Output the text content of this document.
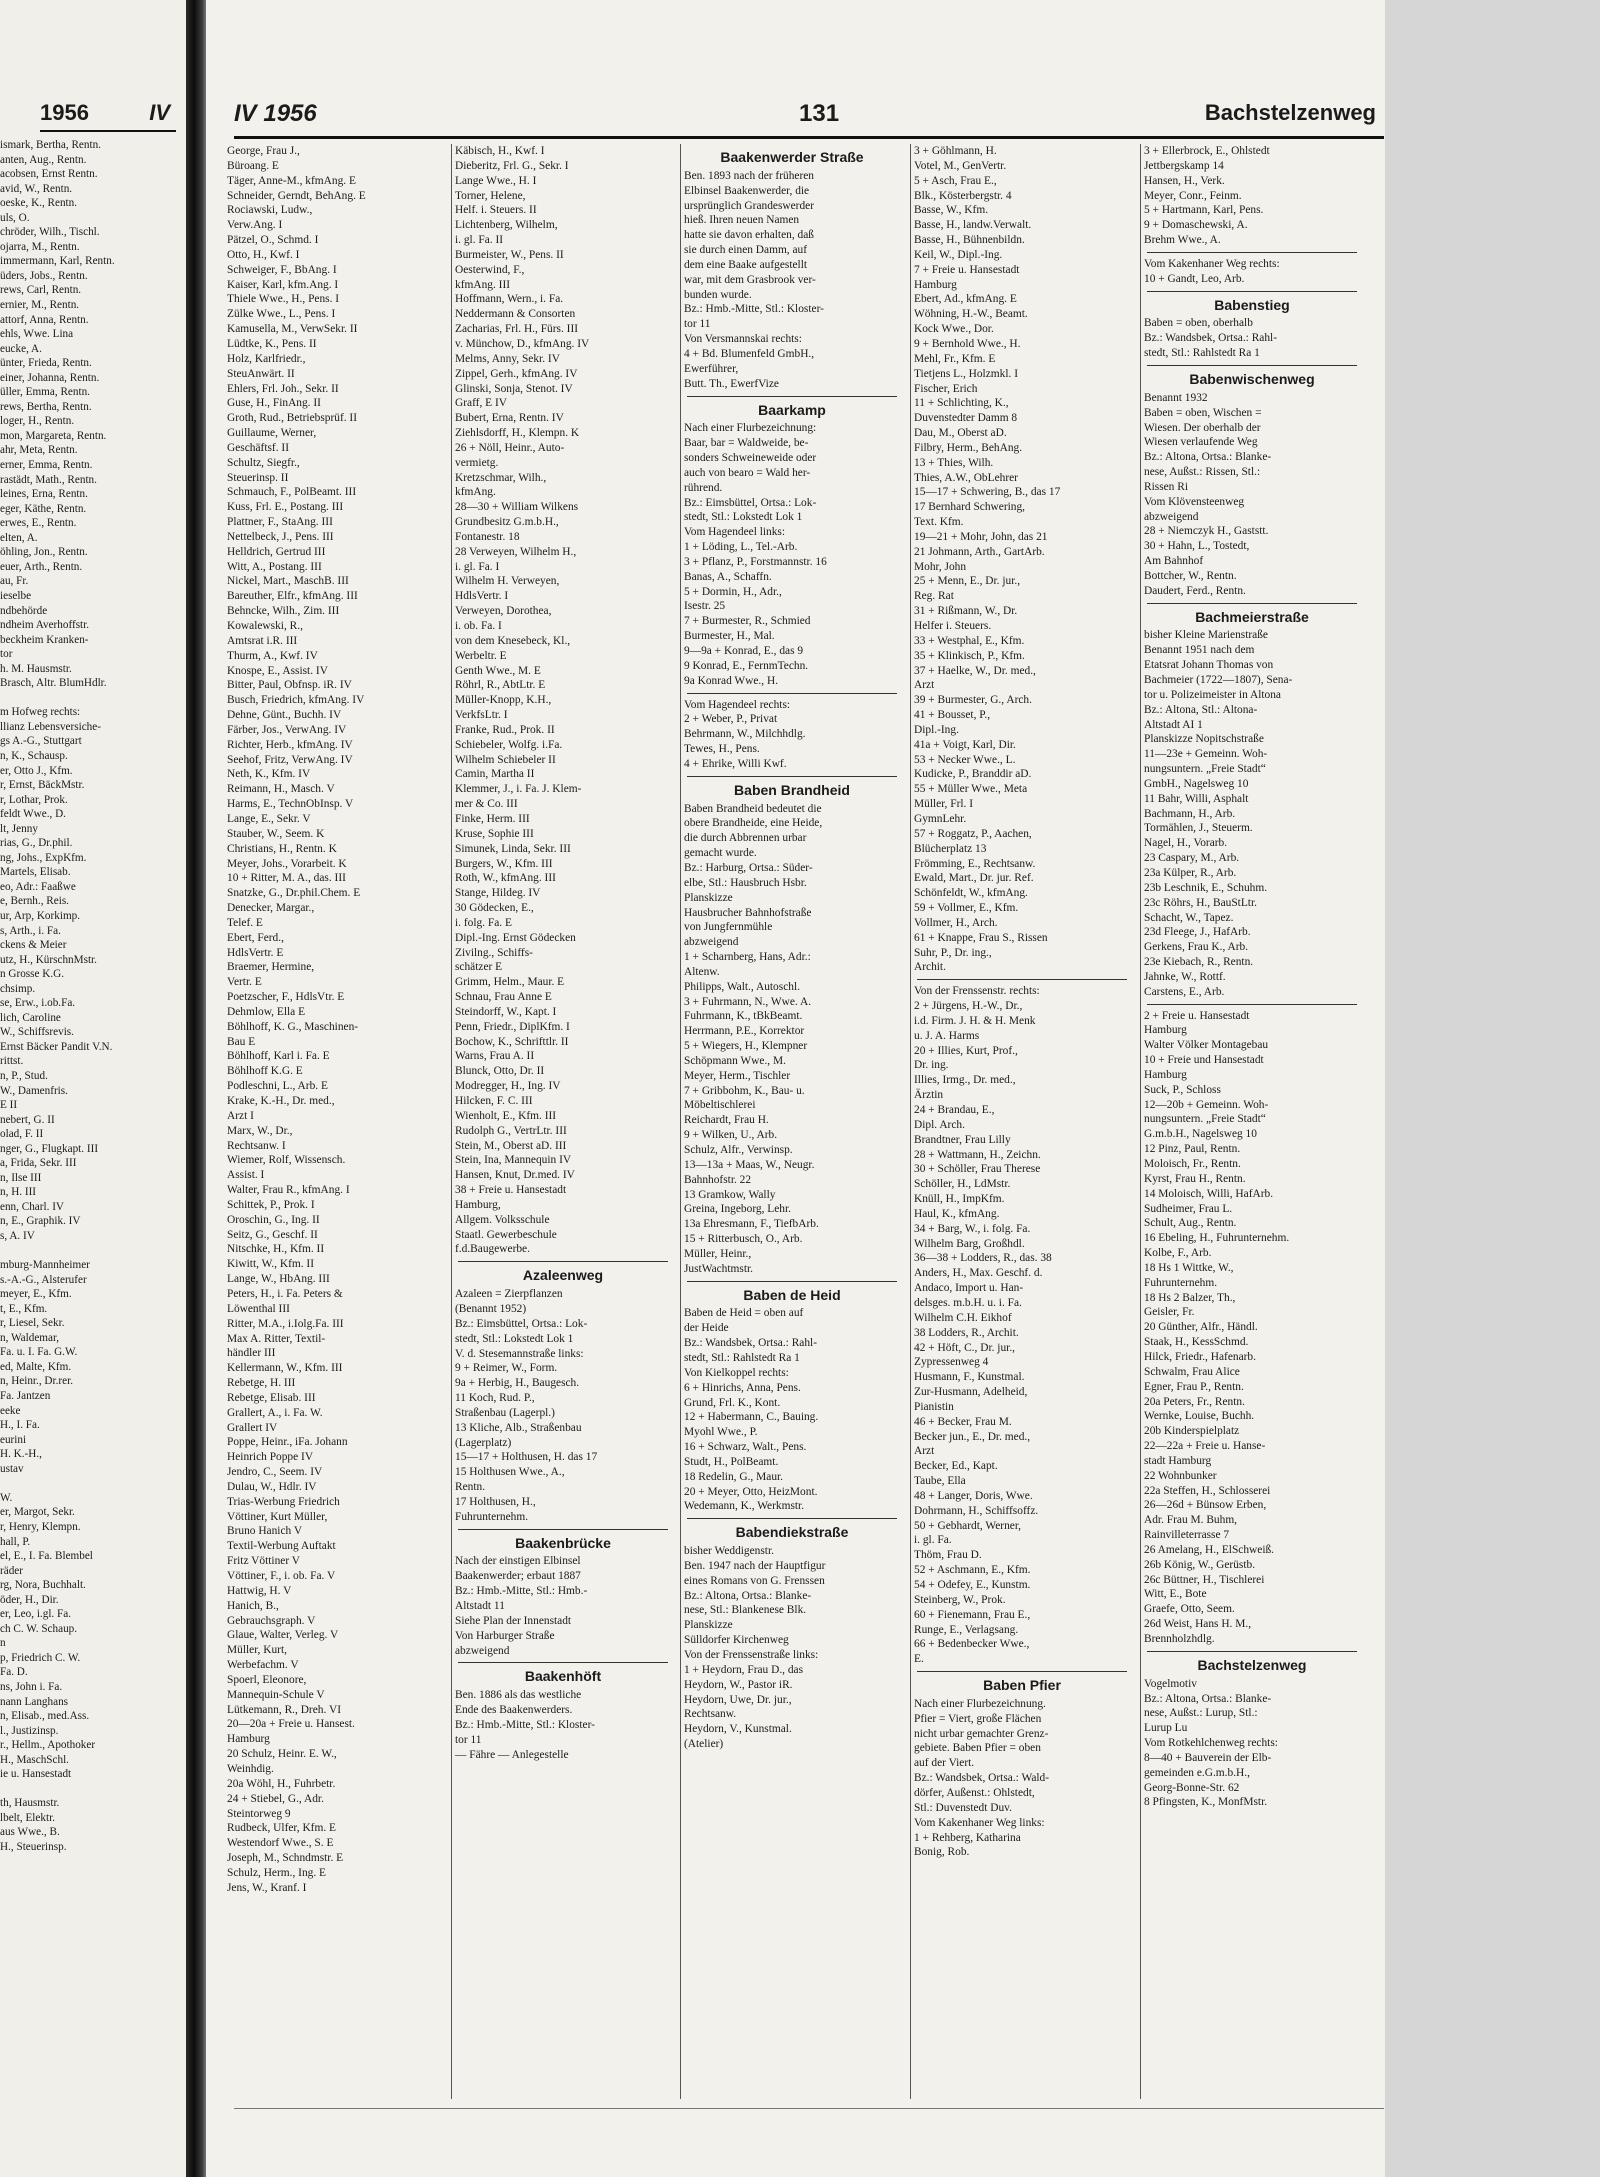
1956	IV
ismark, Bertha, Rentn.
anten, Aug., Rentn.
acobsen, Ernst Rentn.
avid, W., Rentn.
oeske, K., Rentn.
uls, O.
chröder, Wilh., Tischl.
ojarra, M., Rentn.
immermann, Karl, Rentn.
üders, Jobs., Rentn.
rews, Carl, Rentn.
ernier, M., Rentn.
attorf, Anna, Rentn.
ehls, Wwe. Lina
eucke, A.
ünter, Frieda, Rentn.
einer, Johanna, Rentn.
üller, Emma, Rentn.
rews, Bertha, Rentn.
loger, H., Rentn.
mon, Margareta, Rentn.
ahr, Meta, Rentn.
erner, Emma, Rentn.
rastädt, Math., Rentn.
leines, Erna, Rentn.
eger, Käthe, Rentn.
erwes, E., Rentn.
elten, A.
öhling, Jon., Rentn.
euer, Arth., Rentn.
au, Fr.
ieselbe
ndbehörde
ndheim Averhoffstr.
beckheim Kranken-
tor
h. M. Hausmstr.
Brasch, Altr. BlumHdlr.

m Hofweg rechts:
llianz Lebensversiche-
gs A.-G., Stuttgart
n, K., Schausp.
er, Otto J., Kfm.
r, Ernst, BäckMstr.
r, Lothar, Prok.
feldt Wwe., D.
lt, Jenny
rias, G., Dr.phil.
ng, Johs., ExpKfm.
Martels, Elisab.
eo, Adr.: Faaßwe
e, Bernh., Reis.
ur, Arp, Korkimp.
s, Arth., i. Fa.
ckens & Meier
utz, H., KürschnMstr.
n Grosse K.G.
chsimp.
se, Erw., i.ob.Fa.
lich, Caroline
W., Schiffsrevis.
Ernst Bäcker Pandit V.N.
rittst.
n, P., Stud.
W., Damenfris.
E II
nebert, G. II
olad, F. II
nger, G., Flugkapt. III
a, Frida, Sekr. III
n, Ilse III
n, H. III
enn, Charl. IV
n, E., Graphik. IV
s, A. IV

mburg-Mannheimer
s.-A.-G., Alsterufer
meyer, E., Kfm.
t, E., Kfm.
r, Liesel, Sekr.
n, Waldemar,
Fa. u. I. Fa. G.W.
ed, Malte, Kfm.
n, Heinr., Dr.rer.
Fa. Jantzen
eeke
H., I. Fa.
eurini
H. K.-H.,
ustav

W.
er, Margot, Sekr.
r, Henry, Klempn.
hall, P.
el, E., I. Fa. Blembel
räder
rg, Nora, Buchhalt.
öder, H., Dir.
er, Leo, i.gl. Fa.
ch C. W. Schaup.
n
p, Friedrich C. W.
Fa. D.
ns, John i. Fa.
nann Langhans
n, Elisab., med.Ass.
l., Justizinsp.
r., Hellm., Apothoker
H., MaschSchl.
ie u. Hansestadt

th, Hausmstr.
lbelt, Elektr.
aus Wwe., B.
H., Steuerinsp.
IV 1956	131	Bachstelzenweg
George, Frau J.,
Büroang. E
Täger, Anne-M., kfmAng. E
Schneider, Gerndt, BehAng. E
Rociawski, Ludw.,
Verw.Ang. I
Pätzel, O., Schmd. I
Otto, H., Kwf. I
Schweiger, F., BbAng. I
Kaiser, Karl, kfm.Ang. I
Thiele Wwe., H., Pens. I
Zülke Wwe., L., Pens. I
Kamusella, M., VerwSekr. II
Lüdtke, K., Pens. II
Holz, Karlfriedr.,
SteuAnwärt. II
Ehlers, Frl. Joh., Sekr. II
Guse, H., FinAng. II
Groth, Rud., Betriebsprüf. II
Guillaume, Werner,
Geschäftsf. II
Schultz, Siegfr.,
Steuerinsp. II
Schmauch, F., PolBeamt. III
Kuss, Frl. E., Postang. III
Plattner, F., StaAng. III
Nettelbeck, J., Pens. III
Helldrich, Gertrud III
Witt, A., Postang. III
Nickel, Mart., MaschB. III
Bareuther, Elfr., kfmAng. III
Behncke, Wilh., Zim. III
Kowalewski, R.,
Amtsrat i.R. III
Thurm, A., Kwf. IV
Knospe, E., Assist. IV
Bitter, Paul, Obfnsp. iR. IV
Busch, Friedrich, kfmAng. IV
Dehne, Günt., Buchh. IV
Färber, Jos., VerwAng. IV
Richter, Herb., kfmAng. IV
Seehof, Fritz, VerwAng. IV
Neth, K., Kfm. IV
Reimann, H., Masch. V
Harms, E., TechnObInsp. V
Lange, E., Sekr. V
Stauber, W., Seem. K
Christians, H., Rentn. K
Meyer, Johs., Vorarbeit. K
10 + Ritter, M. A., das. III
Snatzke, G., Dr.phil.Chem. E
Denecker, Margar.,
Telef. E
Ebert, Ferd.,
HdlsVertr. E
Braemer, Hermine,
Vertr. E
Poetzscher, F., HdlsVtr. E
Dehmlow, Ella E
Böhlhoff, K. G., Maschinen-
Bau E
Böhlhoff, Karl i. Fa. E
Böhlhoff K.G. E
Podleschni, L., Arb. E
Krake, K.-H., Dr. med.,
Arzt I
Marx, W., Dr.,
Rechtsanw. I
Wiemer, Rolf, Wissensch.
Assist. I
Walter, Frau R., kfmAng. I
Schittek, P., Prok. I
Oroschin, G., Ing. II
Seitz, G., Geschf. II
Nitschke, H., Kfm. II
Kiwitt, W., Kfm. II
Lange, W., HbAng. III
Peters, H., i. Fa. Peters &
Löwenthal III
Ritter, M.A., i.Iolg.Fa. III
Max A. Ritter, Textil-
händler III
Kellermann, W., Kfm. III
Rebetge, H. III
Rebetge, Elisab. III
Grallert, A., i. Fa. W.
Grallert IV
Poppe, Heinr., iFa. Johann
Heinrich Poppe IV
Jendro, C., Seem. IV
Dulau, W., Hdlr. IV
Trias-Werbung Friedrich
Vöttiner, Kurt Müller,
Bruno Hanich V
Textil-Werbung Auftakt
Fritz Vöttiner V
Vöttiner, F., i. ob. Fa. V
Hattwig, H. V
Hanich, B.,
Gebrauchsgraph. V
Glaue, Walter, Verleg. V
Müller, Kurt,
Werbefachm. V
Spoerl, Eleonore,
Mannequin-Schule V
Lütkemann, R., Dreh. VI
20—20a + Freie u. Hansest.
Hamburg
20 Schulz, Heinr. E. W.,
Weinhdig.
20a Wöhl, H., Fuhrbetr.
24 + Stiebel, G., Adr.
Steintorweg 9
Rudbeck, Ulfer, Kfm. E
Westendorf Wwe., S. E
Joseph, M., Schndmstr. E
Schulz, Herm., Ing. E
Jens, W., Kranf. I
Käbisch, H., Kwf. I
Dieberitz, Frl. G., Sekr. I
Lange Wwe., H. I
Torner, Helene,
Helf. i. Steuers. II
Lichtenberg, Wilhelm,
i. gl. Fa. II
Burmeister, W., Pens. II
Oesterwind, F.,
kfmAng. III
Hoffmann, Wern., i. Fa.
Neddermann & Consorten
Zacharias, Frl. H., Fürs. III
v. Münchow, D., kfmAng. IV
Melms, Anny, Sekr. IV
Zippel, Gerh., kfmAng. IV
Glinski, Sonja, Stenot. IV
Graff, E IV
Bubert, Erna, Rentn. IV
Ziehlsdorff, H., Klempn. K
26 + Nöll, Heinr., Auto-
vermietg.
Kretzschmar, Wilh.,
kfmAng.
28—30 + William Wilkens
Grundbesitz G.m.b.H.,
Fontanestr. 18
28 Verweyen, Wilhelm H.,
i. gl. Fa. I
Wilhelm H. Verweyen,
HdlsVertr. I
Verweyen, Dorothea,
i. ob. Fa. I
von dem Knesebeck, Kl.,
Werbeltr. E
Genth Wwe., M. E
Röhrl, R., AbtLtr. E
Müller-Knopp, K.H.,
VerkfsLtr. I
Franke, Rud., Prok. II
Schiebeler, Wolfg. i.Fa.
Wilhelm Schiebeler II
Camin, Martha II
Klemmer, J., i. Fa. J. Klem-
mer & Co. III
Finke, Herm. III
Kruse, Sophie III
Simunek, Linda, Sekr. III
Burgers, W., Kfm. III
Roth, W., kfmAng. III
Stange, Hildeg. IV
30 Gödecken, E.,
i. folg. Fa. E
Dipl.-Ing. Ernst Gödecken
Zivilng., Schiffs-
schätzer E
Grimm, Helm., Maur. E
Schnau, Frau Anne E
Steindorff, W., Kapt. I
Penn, Friedr., DiplKfm. I
Bochow, K., Schrifttlr. II
Warns, Frau A. II
Blunck, Otto, Dr. II
Modregger, H., Ing. IV
Hilcken, F. C. III
Wienholt, E., Kfm. III
Rudolph G., VertrLtr. III
Stein, M., Oberst aD. III
Stein, Ina, Mannequin IV
Hansen, Knut, Dr.med. IV
38 + Freie u. Hansestadt
Hamburg,
Allgem. Volksschule
Staatl. Gewerbeschule
f.d.Baugewerbe.
Azaleenweg
Azaleen = Zierpflanzen
(Benannt 1952)
Bz.: Eimsbüttel, Ortsa.: Lok-
stedt, Stl.: Lokstedt Lok 1
V. d. Stesemannstraße links:
9 + Reimer, W., Form.
9a + Herbig, H., Baugesch.
11 Koch, Rud. P.,
Straßenbau (Lagerpl.)
13 Kliche, Alb., Straßenbau
(Lagerplatz)
15—17 + Holthusen, H. das 17
15 Holthusen Wwe., A.,
Rentn.
17 Holthusen, H.,
Fuhrunternehm.
Baakenbrücke
Nach der einstigen Elbinsel
Baakenwerder; erbaut 1887
Bz.: Hmb.-Mitte, Stl.: Hmb.-
Altstadt 11
Siehe Plan der Innenstadt
Von Harburger Straße
abzweigend
Baakenhöft
Ben. 1886 als das westliche
Ende des Baakenwerders.
Bz.: Hmb.-Mitte, Stl.: Kloster-
tor 11
— Fähre — Anlegestelle
Baakenwerder Straße
Ben. 1893 nach der früheren
Elbinsel Baakenwerder, die
ursprünglich Grandeswerder
hieß. Ihren neuen Namen
hatte sie davon erhalten, daß
sie durch einen Damm, auf
dem eine Baake aufgestellt
war, mit dem Grasbrook ver-
bunden wurde.
Bz.: Hmb.-Mitte, Stl.: Kloster-
tor 11
Von Versmannskai rechts:
4 + Bd. Blumenfeld GmbH.,
Ewerführer,
Butt. Th., EwerfVize
Baarkamp
Nach einer Flurbezeichnung:
Baar, bar = Waldweide, be-
sonders Schweineweide oder
auch von bearo = Wald her-
rührend.
Bz.: Eimsbüttel, Ortsa.: Lok-
stedt, Stl.: Lokstedt Lok 1
Vom Hagendeel links:
1 + Löding, L., Tel.-Arb.
3 + Pflanz, P., Forstmannstr. 16
Banas, A., Schaffn.
5 + Dormin, H., Adr.,
Isestr. 25
7 + Burmester, R., Schmied
Burmester, H., Mal.
9—9a + Konrad, E., das 9
9 Konrad, E., FernmTechn.
9a Konrad Wwe., H.
Vom Hagendeel rechts:
2 + Weber, P., Privat
Behrmann, W., Milchhdlg.
Tewes, H., Pens.
4 + Ehrike, Willi Kwf.
Baben Brandheid
Baben Brandheid bedeutet die
obere Brandheide, eine Heide,
die durch Abbrennen urbar
gemacht wurde.
Bz.: Harburg, Ortsa.: Süder-
elbe, Stl.: Hausbruch Hsbr.
Planskizze
Hausbrucher Bahnhofstraße
von Jungfernmühle
abzweigend
1 + Scharnberg, Hans, Adr.:
Altenw.
Philipps, Walt., Autoschl.
3 + Fuhrmann, N., Wwe. A.
Fuhrmann, K., tBkBeamt.
Herrmann, P.E., Korrektor
5 + Wiegers, H., Klempner
Schöpmann Wwe., M.
Meyer, Herm., Tischler
7 + Gribbohm, K., Bau- u.
Möbeltischlerei
Reichardt, Frau H.
9 + Wilken, U., Arb.
Schulz, Alfr., Verwinsp.
13—13a + Maas, W., Neugr.
Bahnhofstr. 22
13 Gramkow, Wally
Greina, Ingeborg, Lehr.
13a Ehresmann, F., TiefbArb.
15 + Ritterbusch, O., Arb.
Müller, Heinr.,
JustWachtmstr.
Baben de Heid
Baben de Heid = oben auf
der Heide
Bz.: Wandsbek, Ortsa.: Rahl-
stedt, Stl.: Rahlstedt Ra 1
Von Kielkoppel rechts:
6 + Hinrichs, Anna, Pens.
Grund, Frl. K., Kont.
12 + Habermann, C., Bauing.
Myohl Wwe., P.
16 + Schwarz, Walt., Pens.
Studt, H., PolBeamt.
18 Redelin, G., Maur.
20 + Meyer, Otto, HeizMont.
Wedemann, K., Werkmstr.
Babendiekstraße
bisher Weddigenstr.
Ben. 1947 nach der Hauptfigur
eines Romans von G. Frenssen
Bz.: Altona, Ortsa.: Blanke-
nese, Stl.: Blankenese Blk.
Planskizze
Sülldorfer Kirchenweg
Von der Frenssenstraße links:
1 + Heydorn, Frau D., das
Heydorn, W., Pastor iR.
Heydorn, Uwe, Dr. jur.,
Rechtsanw.
Heydorn, V., Kunstmal.
(Atelier)
3 + Göhlmann, H.
Votel, M., GenVertr.
5 + Asch, Frau E.,
Blk., Kösterbergstr. 4
Basse, W., Kfm.
Basse, H., landw.Verwalt.
Basse, H., Bühnenbildn.
Keil, W., Dipl.-Ing.
7 + Freie u. Hansestadt
Hamburg
Ebert, Ad., kfmAng. E
Wöhning, H.-W., Beamt.
Kock Wwe., Dor.
9 + Bernhold Wwe., H.
Mehl, Fr., Kfm. E
Tietjens L., Holzmkl. I
Fischer, Erich
11 + Schlichting, K.,
Duvenstedter Damm 8
Dau, M., Oberst aD.
Filbry, Herm., BehAng.
13 + Thies, Wilh.
Thies, A.W., ObLehrer
15—17 + Schwering, B., das 17
17 Bernhard Schwering,
Text. Kfm.
19—21 + Mohr, John, das 21
21 Johmann, Arth., GartArb.
Mohr, John
25 + Menn, E., Dr. jur.,
Reg. Rat
31 + Rißmann, W., Dr.
Helfer i. Steuers.
33 + Westphal, E., Kfm.
35 + Klinkisch, P., Kfm.
37 + Haelke, W., Dr. med.,
Arzt
39 + Burmester, G., Arch.
41 + Bousset, P.,
Dipl.-Ing.
41a + Voigt, Karl, Dir.
53 + Necker Wwe., L.
Kudicke, P., Branddir aD.
55 + Müller Wwe., Meta
Müller, Frl. I
GymnLehr.
57 + Roggatz, P., Aachen,
Blücherplatz 13
Frömming, E., Rechtsanw.
Ewald, Mart., Dr. jur. Ref.
Schönfeldt, W., kfmAng.
59 + Vollmer, E., Kfm.
Vollmer, H., Arch.
61 + Knappe, Frau S., Rissen
Suhr, P., Dr. ing.,
Archit.
Von der Frenssenstr. rechts:
2 + Jürgens, H.-W., Dr.,
i.d. Firm. J. H. & H. Menk
u. J. A. Harms
20 + Illies, Kurt, Prof.,
Dr. ing.
Illies, Irmg., Dr. med.,
Ärztin
24 + Brandau, E.,
Dipl. Arch.
Brandtner, Frau Lilly
28 + Wattmann, H., Zeichn.
30 + Schöller, Frau Therese
Schöller, H., LdMstr.
Knüll, H., ImpKfm.
Haul, K., kfmAng.
34 + Barg, W., i. folg. Fa.
Wilhelm Barg, Großhdl.
36—38 + Lodders, R., das. 38
Anders, H., Max. Geschf. d.
Andaco, Import u. Han-
delsges. m.b.H. u. i. Fa.
Wilhelm C.H. Eikhof
38 Lodders, R., Archit.
42 + Höft, C., Dr. jur.,
Zypressenweg 4
Husmann, F., Kunstmal.
Zur-Husmann, Adelheid,
Pianistin
46 + Becker, Frau M.
Becker jun., E., Dr. med.,
Arzt
Becker, Ed., Kapt.
Taube, Ella
48 + Langer, Doris, Wwe.
Dohrmann, H., Schiffsoffz.
50 + Gebhardt, Werner,
i. gl. Fa.
Thöm, Frau D.
52 + Aschmann, E., Kfm.
54 + Odefey, E., Kunstm.
Steinberg, W., Prok.
60 + Fienemann, Frau E.,
Runge, E., Verlagsang.
66 + Bedenbecker Wwe.,
E.
Baben Pfier
Nach einer Flurbezeichnung.
Pfier = Viert, große Flächen
nicht urbar gemachter Grenz-
gebiete. Baben Pfier = oben
auf der Viert.
Bz.: Wandsbek, Ortsa.: Wald-
dörfer, Außenst.: Ohlstedt,
Stl.: Duvenstedt Duv.
Vom Kakenhaner Weg links:
1 + Rehberg, Katharina
Bonig, Rob.
3 + Ellerbrock, E., Ohlstedt
Jettbergskamp 14
Hansen, H., Verk.
Meyer, Conr., Feinm.
5 + Hartmann, Karl, Pens.
9 + Domaschewski, A.
Brehm Wwe., A.
Vom Kakenhaner Weg rechts:
10 + Gandt, Leo, Arb.
Babenstieg
Baben = oben, oberhalb
Bz.: Wandsbek, Ortsa.: Rahl-
stedt, Stl.: Rahlstedt Ra 1
Babenwischenweg
Benannt 1932
Baben = oben, Wischen =
Wiesen. Der oberhalb der
Wiesen verlaufende Weg
Bz.: Altona, Ortsa.: Blanke-
nese, Außst.: Rissen, Stl.:
Rissen Ri
Vom Klövensteenweg
abzweigend
28 + Niemczyk H., Gaststt.
30 + Hahn, L., Tostedt,
Am Bahnhof
Bottcher, W., Rentn.
Daudert, Ferd., Rentn.
Bachmeierstraße
bisher Kleine Marienstraße
Benannt 1951 nach dem
Etatsrat Johann Thomas von
Bachmeier (1722—1807), Sena-
tor u. Polizeimeister in Altona
Bz.: Altona, Stl.: Altona-
Altstadt AI 1
Planskizze Nopitschstraße
11—23e + Gemeinn. Woh-
nungsuntern. „Freie Stadt“
GmbH., Nagelsweg 10
11 Bahr, Willi, Asphalt
Bachmann, H., Arb.
Tormählen, J., Steuerm.
Nagel, H., Vorarb.
23 Caspary, M., Arb.
23a Külper, R., Arb.
23b Leschnik, E., Schuhm.
23c Röhrs, H., BauStLtr.
Schacht, W., Tapez.
23d Fleege, J., HafArb.
Gerkens, Frau K., Arb.
23e Kiebach, R., Rentn.
Jahnke, W., Rottf.
Carstens, E., Arb.
2 + Freie u. Hansestadt
Hamburg
Walter Völker Montagebau
10 + Freie und Hansestadt
Hamburg
Suck, P., Schloss
12—20b + Gemeinn. Woh-
nungsuntern. „Freie Stadt“
G.m.b.H., Nagelsweg 10
12 Pinz, Paul, Rentn.
Moloisch, Fr., Rentn.
Kyrst, Frau H., Rentn.
14 Moloisch, Willi, HafArb.
Sudheimer, Frau L.
Schult, Aug., Rentn.
16 Ebeling, H., Fuhrunternehm.
Kolbe, F., Arb.
18 Hs 1 Wittke, W.,
Fuhrunternehm.
18 Hs 2 Balzer, Th.,
Geisler, Fr.
20 Günther, Alfr., Händl.
Staak, H., KessSchmd.
Hilck, Friedr., Hafenarb.
Schwalm, Frau Alice
Egner, Frau P., Rentn.
20a Peters, Fr., Rentn.
Wernke, Louise, Buchh.
20b Kinderspielplatz
22—22a + Freie u. Hanse-
stadt Hamburg
22 Wohnbunker
22a Steffen, H., Schlosserei
26—26d + Bünsow Erben,
Adr. Frau M. Buhm,
Rainvilleterrasse 7
26 Amelang, H., ElSchweiß.
26b König, W., Gerüstb.
26c Büttner, H., Tischlerei
Witt, E., Bote
Graefe, Otto, Seem.
26d Weist, Hans H. M.,
Brennholzhdlg.
Bachstelzenweg
Vogelmotiv
Bz.: Altona, Ortsa.: Blanke-
nese, Außst.: Lurup, Stl.:
Lurup Lu
Vom Rotkehlchenweg rechts:
8—40 + Bauverein der Elb-
gemeinden e.G.m.b.H.,
Georg-Bonne-Str. 62
8 Pfingsten, K., MonfMstr.
